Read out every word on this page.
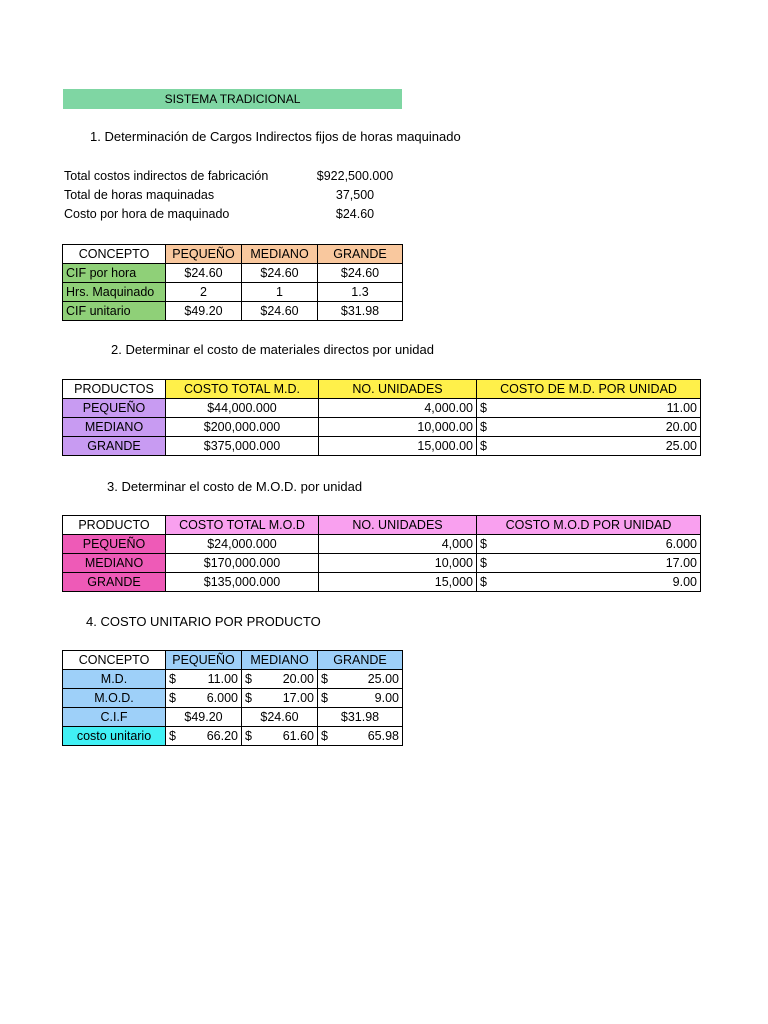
SISTEMA TRADICIONAL
1. Determinación de Cargos Indirectos fijos de horas maquinado
Total costos indirectos de fabricación	$922,500.000
Total de horas maquinadas	37,500
Costo por hora de maquinado	$24.60
CONCEPTO	PEQUEÑO	MEDIANO	GRANDE
CIF por hora	$24.60	$24.60	$24.60
Hrs. Maquinado	2	1	1.3
CIF unitario	$49.20	$24.60	$31.98
2. Determinar el costo de materiales directos por unidad
PRODUCTOS	COSTO TOTAL M.D.	NO. UNIDADES	COSTO DE M.D. POR UNIDAD
PEQUEÑO	$44,000.000	4,000.00	$ 11.00
MEDIANO	$200,000.000	10,000.00	$ 20.00
GRANDE	$375,000.000	15,000.00	$ 25.00
3. Determinar el costo de M.O.D. por unidad
PRODUCTO	COSTO TOTAL M.O.D	NO. UNIDADES	COSTO M.O.D POR UNIDAD
PEQUEÑO	$24,000.000	4,000	$ 6.000
MEDIANO	$170,000.000	10,000	$ 17.00
GRANDE	$135,000.000	15,000	$ 9.00
4. COSTO UNITARIO POR PRODUCTO
CONCEPTO	PEQUEÑO	MEDIANO	GRANDE
M.D.	$ 11.00	$ 20.00	$ 25.00
M.O.D.	$ 6.000	$ 17.00	$ 9.00
C.I.F	$49.20	$24.60	$31.98
costo unitario	$ 66.20	$ 61.60	$ 65.98
